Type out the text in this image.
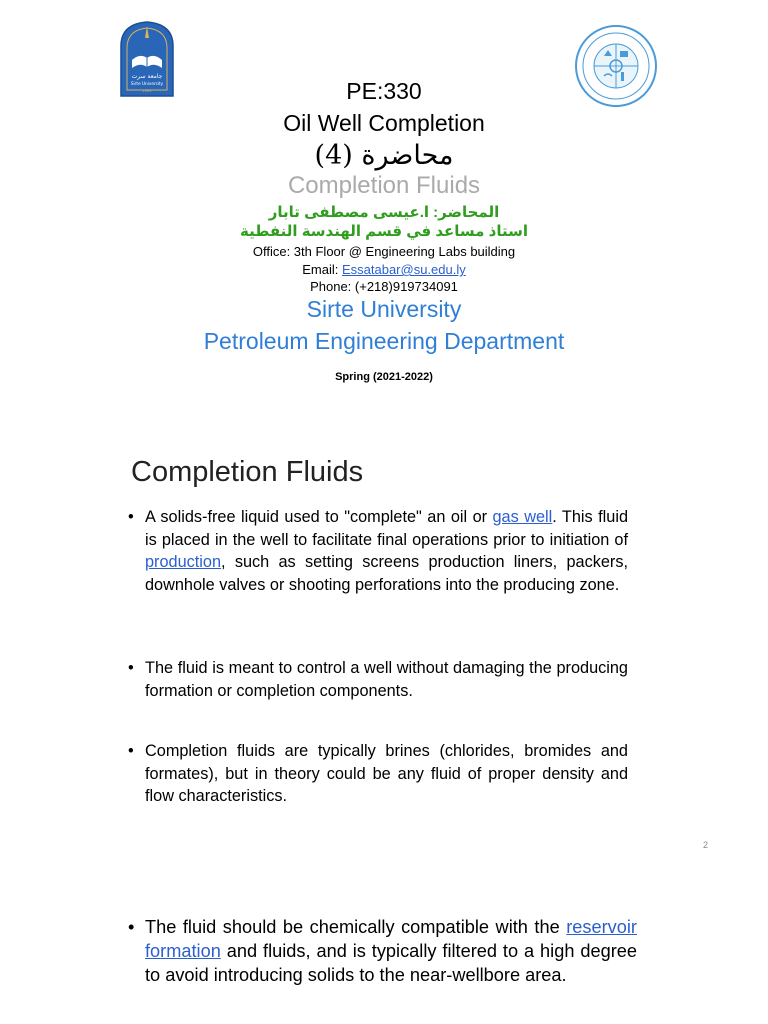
جامعة سرت
Sirte University
1991	PE:330
Oil Well Completion
محاضرة (4)
Completion Fluids
المحاضر: ا.عيسى مصطفى تابار
استاذ مساعد في قسم الهندسة النفطية
Office: 3th Floor @ Engineering Labs building
Email: Essatabar@su.edu.ly
Phone: (+218)919734091
Sirte University
Petroleum Engineering Department
Spring (2021-2022)
Completion Fluids
• A solids-free liquid used to "complete" an oil or gas well. This fluid is placed in the well to facilitate final operations prior to initiation of production, such as setting screens production liners, packers, downhole valves or shooting perforations into the producing zone.
• The fluid is meant to control a well without damaging the producing formation or completion components.
• Completion fluids are typically brines (chlorides, bromides and formates), but in theory could be any fluid of proper density and flow characteristics.
2
• The fluid should be chemically compatible with the reservoir formation and fluids, and is typically filtered to a high degree to avoid introducing solids to the near-wellbore area.
